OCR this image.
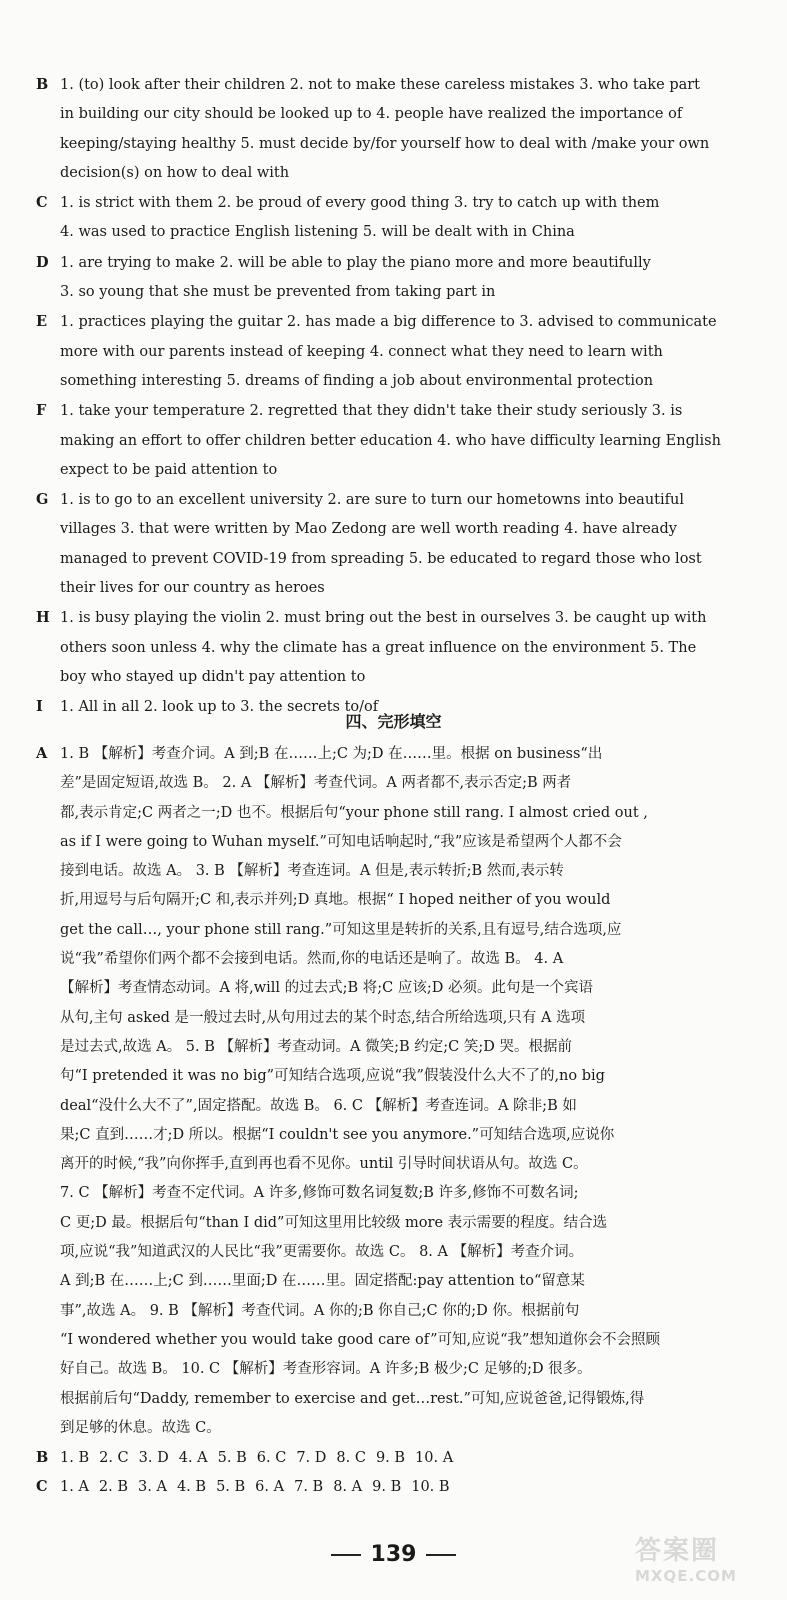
B 1. (to) look after their children 2. not to make these careless mistakes 3. who take part
in building our city should be looked up to 4. people have realized the importance of
keeping/staying healthy 5. must decide by/for yourself how to deal with /make your own
decision(s) on how to deal with
C 1. is strict with them 2. be proud of every good thing 3. try to catch up with them
4. was used to practice English listening 5. will be dealt with in China
D 1. are trying to make 2. will be able to play the piano more and more beautifully
3. so young that she must be prevented from taking part in
E 1. practices playing the guitar 2. has made a big difference to 3. advised to communicate
more with our parents instead of keeping 4. connect what they need to learn with
something interesting 5. dreams of finding a job about environmental protection
F 1. take your temperature 2. regretted that they didn't take their study seriously 3. is
making an effort to offer children better education 4. who have difficulty learning English
expect to be paid attention to
G 1. is to go to an excellent university 2. are sure to turn our hometowns into beautiful
villages 3. that were written by Mao Zedong are well worth reading 4. have already
managed to prevent COVID-19 from spreading 5. be educated to regard those who lost
their lives for our country as heroes
H 1. is busy playing the violin 2. must bring out the best in ourselves 3. be caught up with
others soon unless 4. why the climate has a great influence on the environment 5. The
boy who stayed up didn't pay attention to
I 1. All in all 2. look up to 3. the secrets to/of
四、完形填空
A 1. B 【解析】考查介词。A 到;B 在……上;C 为;D 在……里。根据 on business“出
差”是固定短语,故选 B。 2. A 【解析】考查代词。A 两者都不,表示否定;B 两者
都,表示肯定;C 两者之一;D 也不。根据后句“your phone still rang. I almost cried out ,
as if I were going to Wuhan myself.”可知电话响起时,“我”应该是希望两个人都不会
接到电话。故选 A。 3. B 【解析】考查连词。A 但是,表示转折;B 然而,表示转
折,用逗号与后句隔开;C 和,表示并列;D 真地。根据“ I hoped neither of you would
get the call…, your phone still rang.”可知这里是转折的关系,且有逗号,结合选项,应
说“我”希望你们两个都不会接到电话。然而,你的电话还是响了。故选 B。 4. A
【解析】考查情态动词。A 将,will 的过去式;B 将;C 应该;D 必须。此句是一个宾语
从句,主句 asked 是一般过去时,从句用过去的某个时态,结合所给选项,只有 A 选项
是过去式,故选 A。 5. B 【解析】考查动词。A 微笑;B 约定;C 笑;D 哭。根据前
句“I pretended it was no big”可知结合选项,应说“我”假装没什么大不了的,no big
deal“没什么大不了”,固定搭配。故选 B。 6. C 【解析】考查连词。A 除非;B 如
果;C 直到……才;D 所以。根据“I couldn't see you anymore.”可知结合选项,应说你
离开的时候,“我”向你挥手,直到再也看不见你。until 引导时间状语从句。故选 C。
7. C 【解析】考查不定代词。A 许多,修饰可数名词复数;B 许多,修饰不可数名词;
C 更;D 最。根据后句“than I did”可知这里用比较级 more 表示需要的程度。结合选
项,应说“我”知道武汉的人民比“我”更需要你。故选 C。 8. A 【解析】考查介词。
A 到;B 在……上;C 到……里面;D 在……里。固定搭配:pay attention to“留意某
事”,故选 A。 9. B 【解析】考查代词。A 你的;B 你自己;C 你的;D 你。根据前句
“I wondered whether you would take good care of”可知,应说“我”想知道你会不会照顾
好自己。故选 B。 10. C 【解析】考查形容词。A 许多;B 极少;C 足够的;D 很多。
根据前后句“Daddy, remember to exercise and get…rest.”可知,应说爸爸,记得锻炼,得
到足够的休息。故选 C。
B 1. B 2. C 3. D 4. A 5. B 6. C 7. D 8. C 9. B 10. A
C 1. A 2. B 3. A 4. B 5. B 6. A 7. B 8. A 9. B 10. B
139	答案圈
MXQE.COM
